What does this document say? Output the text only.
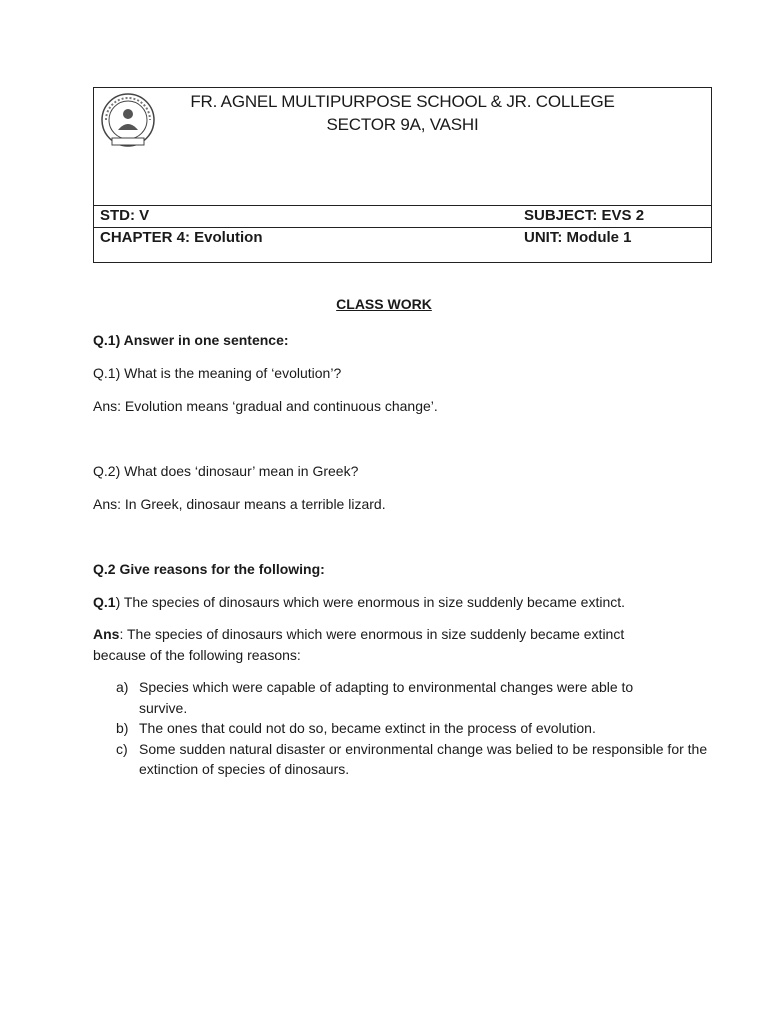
FR. AGNEL MULTIPURPOSE SCHOOL & JR. COLLEGE
SECTOR 9A, VASHI
STD: V	SUBJECT: EVS 2
CHAPTER 4: Evolution	UNIT: Module 1
CLASS WORK
Q.1) Answer in one sentence:
Q.1) What is the meaning of ‘evolution’?
Ans: Evolution means ‘gradual and continuous change’.
Q.2) What does ‘dinosaur’ mean in Greek?
Ans: In Greek, dinosaur means a terrible lizard.
Q.2 Give reasons for the following:
Q.1) The species of dinosaurs which were enormous in size suddenly became extinct.
Ans: The species of dinosaurs which were enormous in size suddenly became extinct because of the following reasons:
a) Species which were capable of adapting to environmental changes were able to survive.
b) The ones that could not do so, became extinct in the process of evolution.
c) Some sudden natural disaster or environmental change was belied to be responsible for the extinction of species of dinosaurs.
